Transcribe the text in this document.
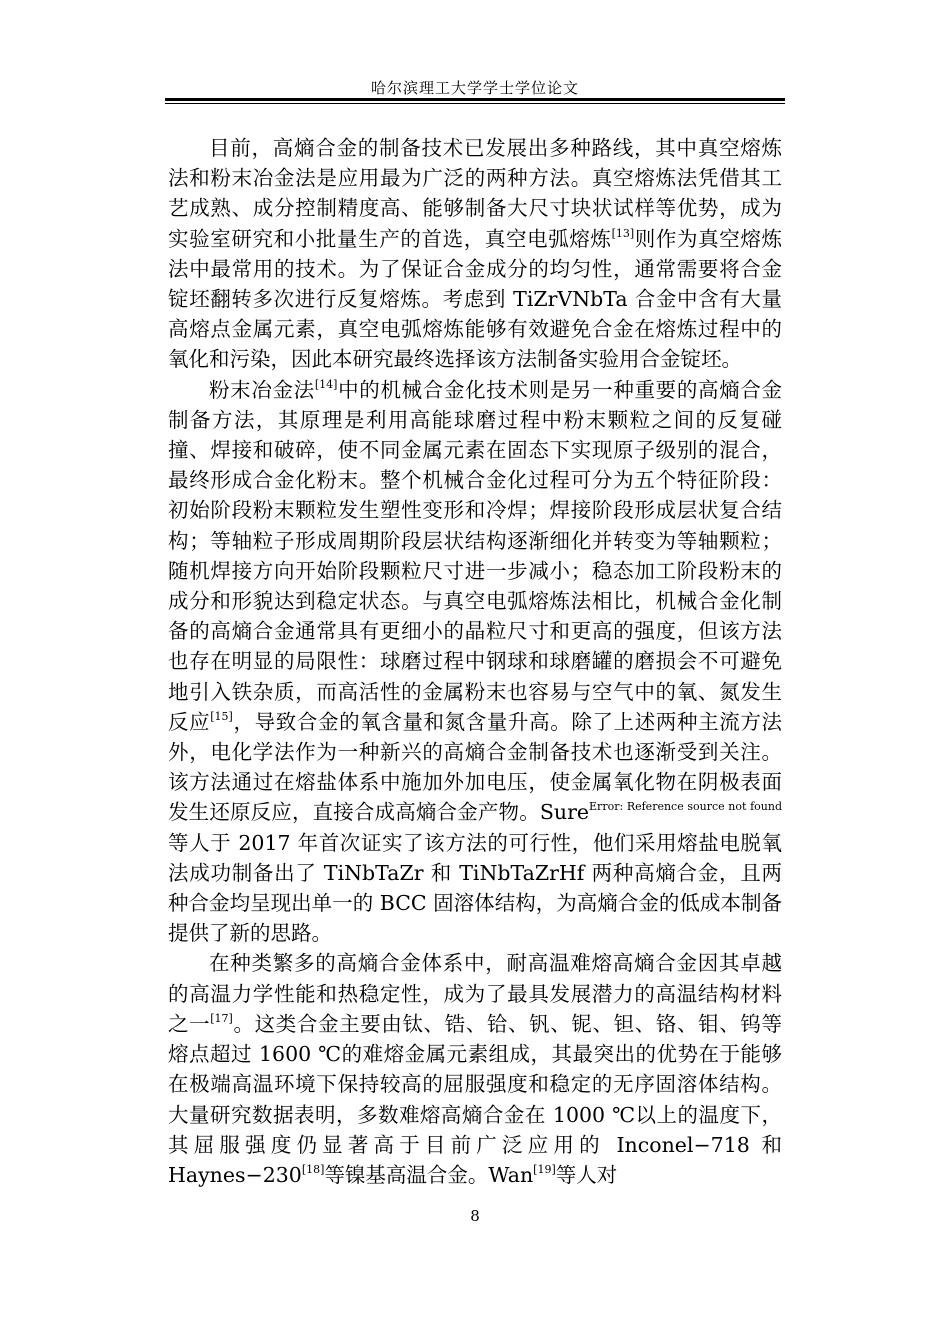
哈尔滨理工大学学士学位论文

目前，高熵合金的制备技术已发展出多种路线，其中真空熔炼法和粉末冶金法是应用最为广泛的两种方法。真空熔炼法凭借其工艺成熟、成分控制精度高、能够制备大尺寸块状试样等优势，成为实验室研究和小批量生产的首选，真空电弧熔炼[13]则作为真空熔炼法中最常用的技术。为了保证合金成分的均匀性，通常需要将合金锭坯翻转多次进行反复熔炼。考虑到 TiZrVNbTa 合金中含有大量高熔点金属元素，真空电弧熔炼能够有效避免合金在熔炼过程中的氧化和污染，因此本研究最终选择该方法制备实验用合金锭坯。

粉末冶金法[14]中的机械合金化技术则是另一种重要的高熵合金制备方法，其原理是利用高能球磨过程中粉末颗粒之间的反复碰撞、焊接和破碎，使不同金属元素在固态下实现原子级别的混合，最终形成合金化粉末。整个机械合金化过程可分为五个特征阶段：初始阶段粉末颗粒发生塑性变形和冷焊；焊接阶段形成层状复合结构；等轴粒子形成周期阶段层状结构逐渐细化并转变为等轴颗粒；随机焊接方向开始阶段颗粒尺寸进一步减小；稳态加工阶段粉末的成分和形貌达到稳定状态。与真空电弧熔炼法相比，机械合金化制备的高熵合金通常具有更细小的晶粒尺寸和更高的强度，但该方法也存在明显的局限性：球磨过程中钢球和球磨罐的磨损会不可避免地引入铁杂质，而高活性的金属粉末也容易与空气中的氧、氮发生反应[15]，导致合金的氧含量和氮含量升高。除了上述两种主流方法外，电化学法作为一种新兴的高熵合金制备技术也逐渐受到关注。该方法通过在熔盐体系中施加外加电压，使金属氧化物在阴极表面发生还原反应，直接合成高熵合金产物。Sure$^{Error: Reference source not found}$ 等人于 2017 年首次证实了该方法的可行性，他们采用熔盐电脱氧法成功制备出了 TiNbTaZr 和 TiNbTaZrHf 两种高熵合金，且两种合金均呈现出单一的 BCC 固溶体结构，为高熵合金的低成本制备提供了新的思路。

在种类繁多的高熵合金体系中，耐高温难熔高熵合金因其卓越的高温力学性能和热稳定性，成为了最具发展潜力的高温结构材料之一[17]。这类合金主要由钛、锆、铪、钒、铌、钽、铬、钼、钨等熔点超过 1600 ℃的难熔金属元素组成，其最突出的优势在于能够在极端高温环境下保持较高的屈服强度和稳定的无序固溶体结构。大量研究数据表明，多数难熔高熵合金在 1000 ℃以上的温度下，其屈服强度仍显著高于目前广泛应用的 Inconel−718 和 Haynes−230[18]等镍基高温合金。Wan[19]等人对

8
